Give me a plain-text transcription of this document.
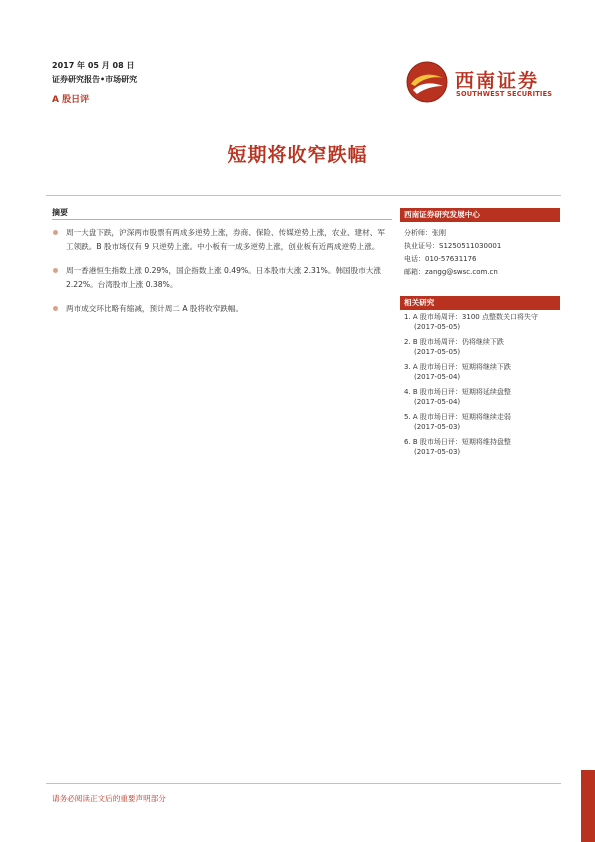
2017 年 05 月 08 日
证券研究报告•市场研究
A 股日评
西南证券
SOUTHWEST SECURITIES
短期将收窄跌幅
摘要
周一大盘下跌，沪深两市股票有两成多逆势上涨，券商、保险、传媒逆势上涨，农业、建材、军工领跌。B 股市场仅有 9 只逆势上涨。中小板有一成多逆势上涨，创业板有近两成逆势上涨。
周一香港恒生指数上涨 0.29%，国企指数上涨 0.49%。日本股市大涨 2.31%。韩国股市大涨 2.22%。台湾股市上涨 0.38%。
两市成交环比略有缩减，预计周二 A 股将收窄跌幅。
西南证券研究发展中心
分析师：张刚
执业证号：S1250511030001
电话：010-57631176
邮箱：zangg@swsc.com.cn
相关研究
1. A 股市场周评：3100 点整数关口将失守
(2017-05-05)
2. B 股市场周评：仍将继续下跌
(2017-05-05)
3. A 股市场日评：短期将继续下跌
(2017-05-04)
4. B 股市场日评：短期将延续盘整
(2017-05-04)
5. A 股市场日评：短期将继续走弱
(2017-05-03)
6. B 股市场日评：短期将维持盘整
(2017-05-03)
请务必阅读正文后的重要声明部分
